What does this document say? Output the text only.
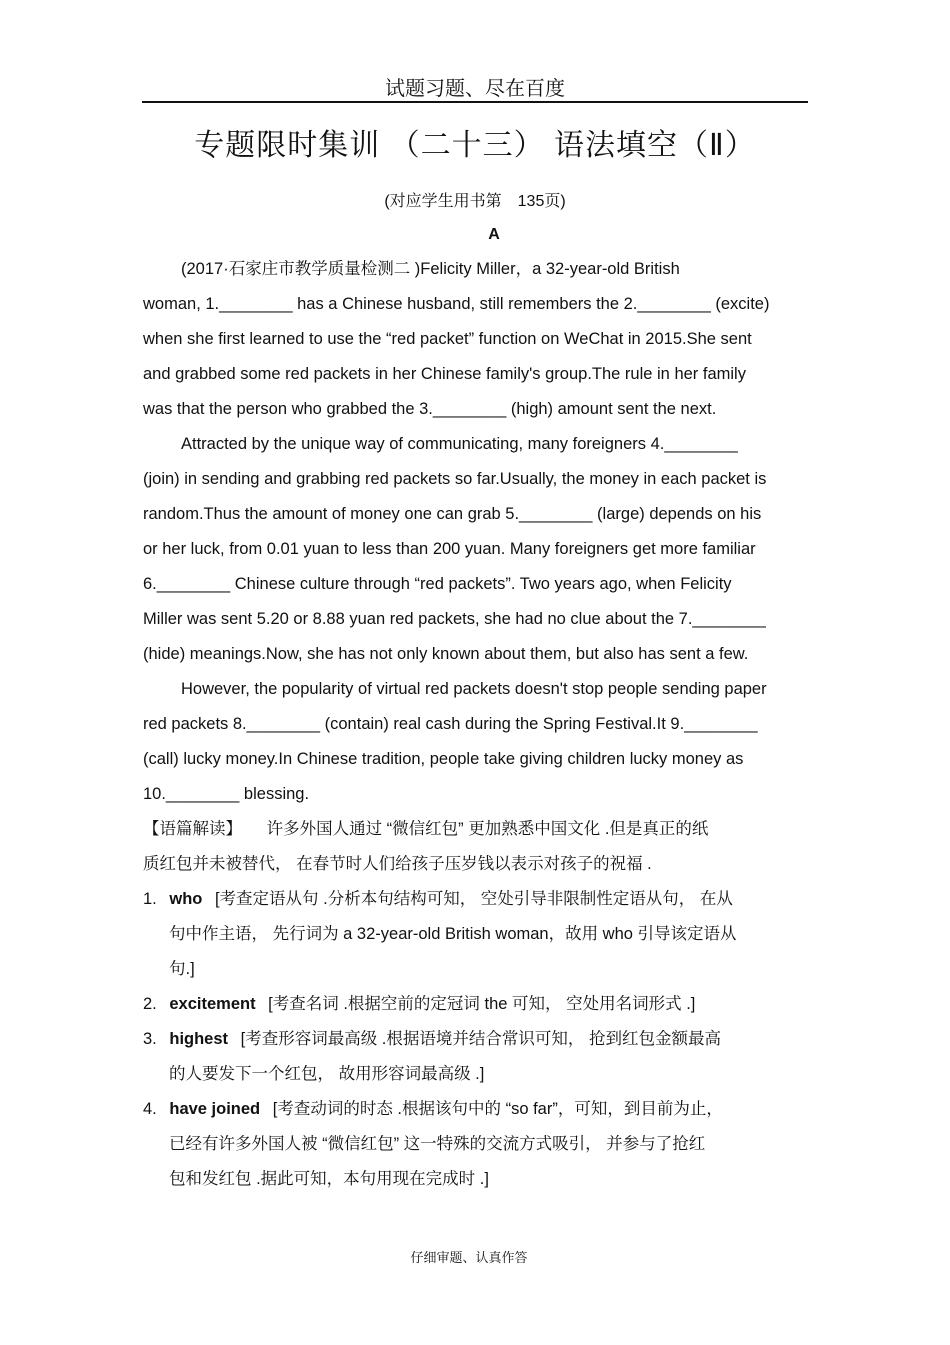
试题习题、尽在百度
专题限时集训 （二十三） 语法填空（Ⅱ）
(对应学生用书第　135页)
A
(2017·石家庄市教学质量检测二 )Felicity Miller，a 32-year-old British
woman, 1.________ has a Chinese husband, still remembers the 2.________ (excite)
when she first learned to use the “red packet” function on WeChat in 2015.She sent
and grabbed some red packets in her Chinese family's group.The rule in her family
was that the person who grabbed the 3.________ (high) amount sent the next.
Attracted by the unique way of communicating, many foreigners 4.________
(join) in sending and grabbing red packets so far.Usually, the money in each packet is
random.Thus the amount of money one can grab 5.________ (large) depends on his
or her luck, from 0.01 yuan to less than 200 yuan. Many foreigners get more familiar
6.________ Chinese culture through “red packets”. Two years ago, when Felicity
Miller was sent 5.20 or 8.88 yuan red packets, she had no clue about the 7.________
(hide) meanings.Now, she has not only known about them, but also has sent a few.
However, the popularity of virtual red packets doesn't stop people sending paper
red packets 8.________ (contain) real cash during the Spring Festival.It 9.________
(call) lucky money.In Chinese tradition, people take giving children lucky money as
10.________ blessing.
【语篇解读】 许多外国人通过 “微信红包” 更加熟悉中国文化 .但是真正的纸
质红包并未被替代， 在春节时人们给孩子压岁钱以表示对孩子的祝福 .
1. who [考查定语从句 .分析本句结构可知， 空处引导非限制性定语从句， 在从
句中作主语， 先行词为 a 32-year-old British woman，故用 who 引导该定语从
句.]
2. excitement [考查名词 .根据空前的定冠词 the 可知， 空处用名词形式 .]
3. highest [考查形容词最高级 .根据语境并结合常识可知， 抢到红包金额最高
的人要发下一个红包， 故用形容词最高级 .]
4. have joined [考查动词的时态 .根据该句中的 “so far”，可知，到目前为止，
已经有许多外国人被 “微信红包” 这一特殊的交流方式吸引， 并参与了抢红
包和发红包 .据此可知，本句用现在完成时 .]
仔细审题、认真作答
